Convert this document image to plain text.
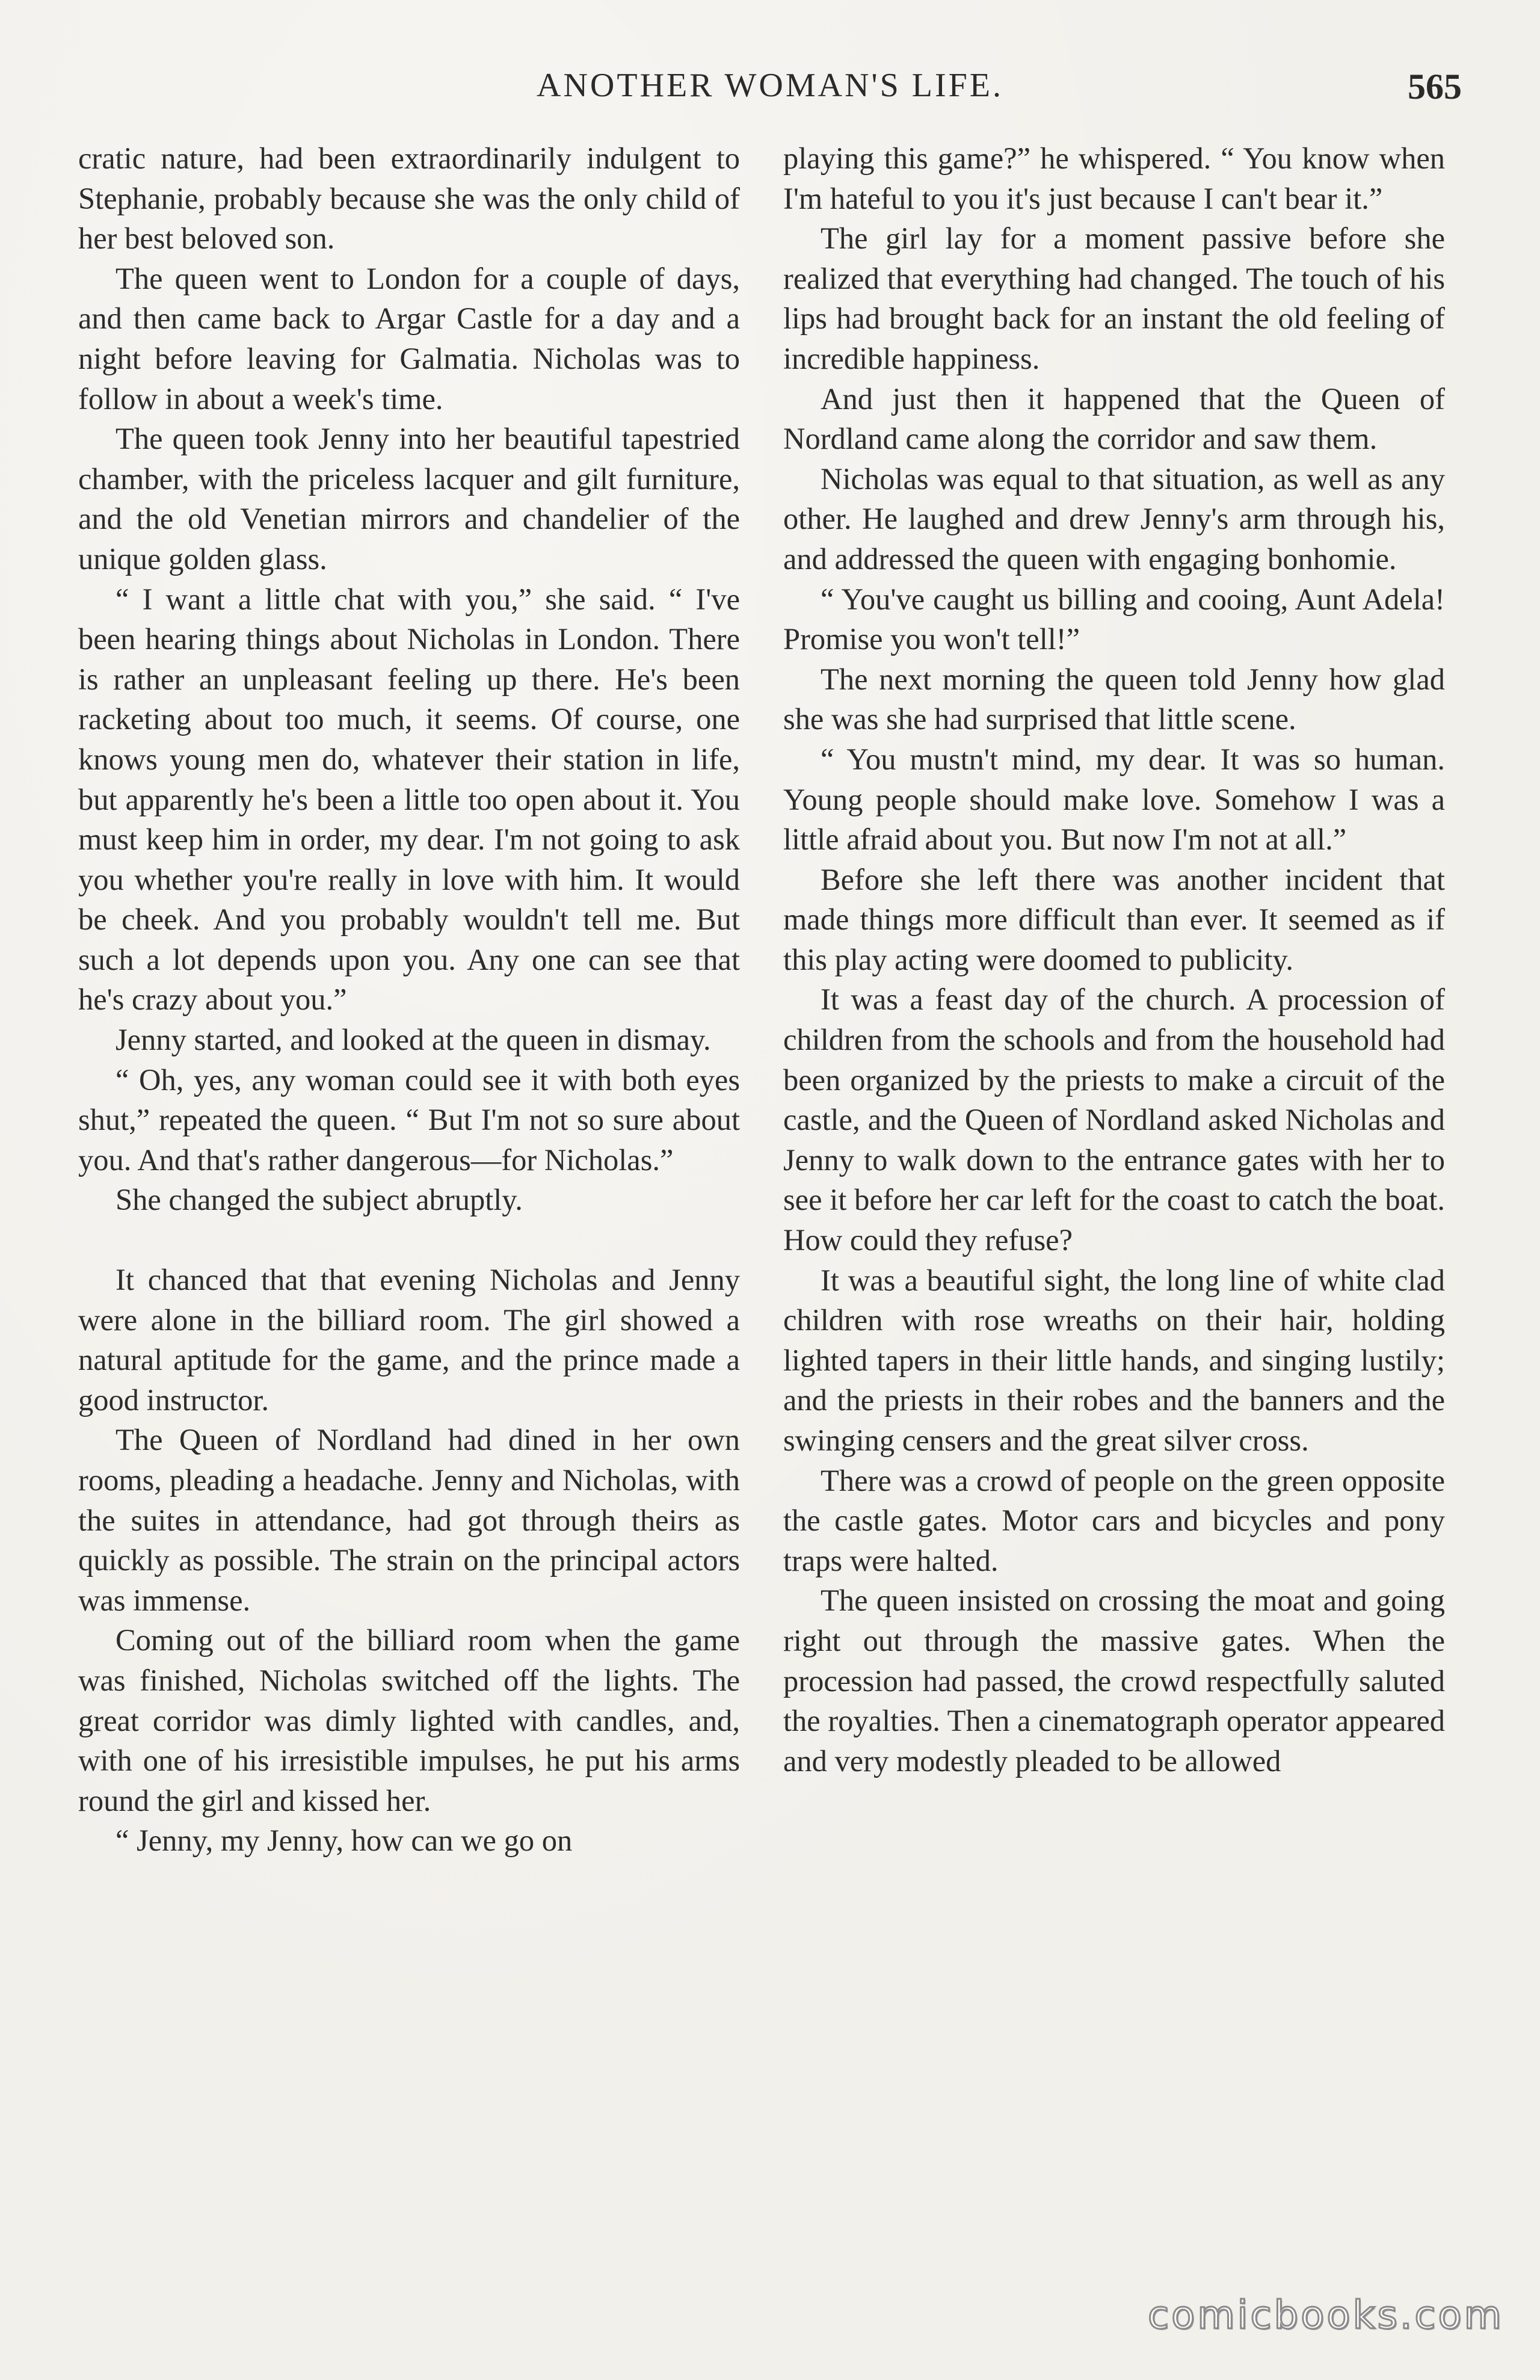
ANOTHER WOMAN'S LIFE.	565

cratic nature, had been extraordinarily indulgent to Stephanie, probably because she was the only child of her best beloved son.

The queen went to London for a couple of days, and then came back to Argar Castle for a day and a night before leaving for Galmatia. Nicholas was to follow in about a week's time.

The queen took Jenny into her beautiful tapestried chamber, with the priceless lacquer and gilt furniture, and the old Venetian mirrors and chandelier of the unique golden glass.

“ I want a little chat with you,” she said. “ I've been hearing things about Nicholas in London. There is rather an unpleasant feeling up there. He's been racketing about too much, it seems. Of course, one knows young men do, whatever their station in life, but apparently he's been a little too open about it. You must keep him in order, my dear. I'm not going to ask you whether you're really in love with him. It would be cheek. And you probably wouldn't tell me. But such a lot depends upon you. Any one can see that he's crazy about you.”

Jenny started, and looked at the queen in dismay.

“ Oh, yes, any woman could see it with both eyes shut,” repeated the queen. “ But I'm not so sure about you. And that's rather dangerous—for Nicholas.”

She changed the subject abruptly.

It chanced that that evening Nicholas and Jenny were alone in the billiard room. The girl showed a natural aptitude for the game, and the prince made a good instructor.

The Queen of Nordland had dined in her own rooms, pleading a headache. Jenny and Nicholas, with the suites in attendance, had got through theirs as quickly as possible. The strain on the principal actors was immense.

Coming out of the billiard room when the game was finished, Nicholas switched off the lights. The great corridor was dimly lighted with candles, and, with one of his irresistible impulses, he put his arms round the girl and kissed her.

“ Jenny, my Jenny, how can we go on

playing this game?” he whispered. “ You know when I'm hateful to you it's just because I can't bear it.”

The girl lay for a moment passive before she realized that everything had changed. The touch of his lips had brought back for an instant the old feeling of incredible happiness.

And just then it happened that the Queen of Nordland came along the corridor and saw them.

Nicholas was equal to that situation, as well as any other. He laughed and drew Jenny's arm through his, and addressed the queen with engaging bonhomie.

“ You've caught us billing and cooing, Aunt Adela! Promise you won't tell!”

The next morning the queen told Jenny how glad she was she had surprised that little scene.

“ You mustn't mind, my dear. It was so human. Young people should make love. Somehow I was a little afraid about you. But now I'm not at all.”

Before she left there was another incident that made things more difficult than ever. It seemed as if this play acting were doomed to publicity.

It was a feast day of the church. A procession of children from the schools and from the household had been organized by the priests to make a circuit of the castle, and the Queen of Nordland asked Nicholas and Jenny to walk down to the entrance gates with her to see it before her car left for the coast to catch the boat. How could they refuse?

It was a beautiful sight, the long line of white clad children with rose wreaths on their hair, holding lighted tapers in their little hands, and singing lustily; and the priests in their robes and the banners and the swinging censers and the great silver cross.

There was a crowd of people on the green opposite the castle gates. Motor cars and bicycles and pony traps were halted.

The queen insisted on crossing the moat and going right out through the massive gates. When the procession had passed, the crowd respectfully saluted the royalties. Then a cinematograph operator appeared and very modestly pleaded to be allowed

comicbooks.com
